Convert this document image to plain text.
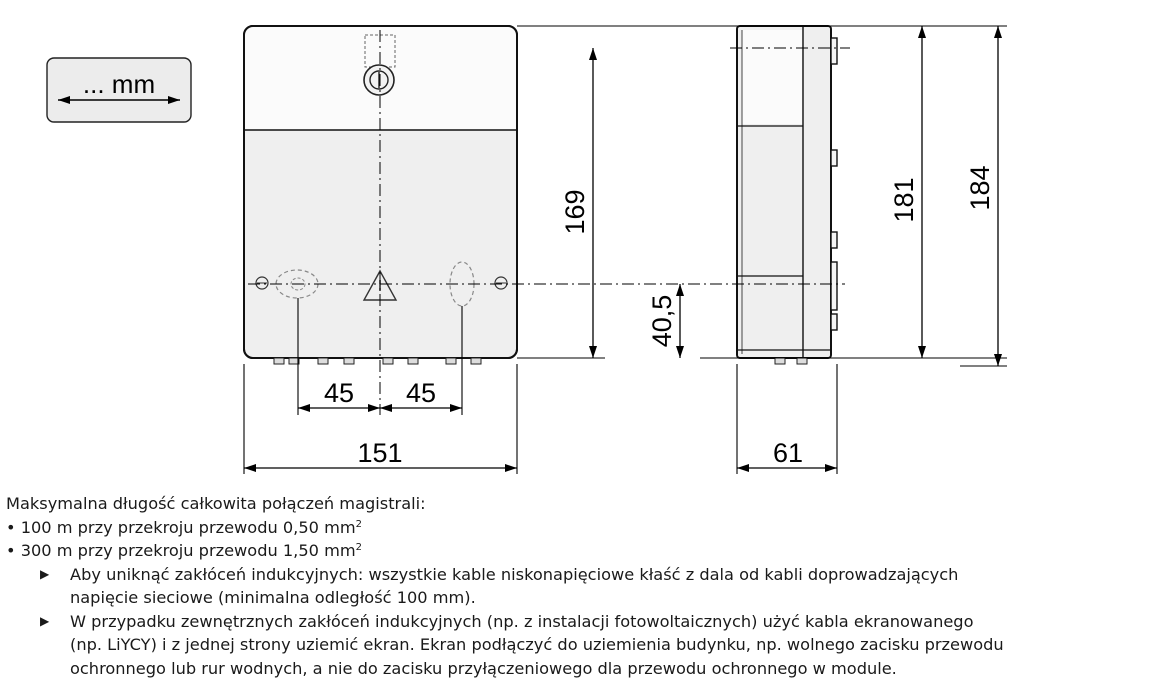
... mm
169
40,5
181 184
45 45
151	61

Maksymalna długość całkowita połączeń magistrali:

• 100 m przy przekroju przewodu 0,50 $mm^2$

• 300 m przy przekroju przewodu 1,50 $mm^2$

▶ Aby uniknąć zakłóceń indukcyjnych: wszystkie kable niskonapięciowe kłaść z dala od kabli doprowadzających

napięcie sieciowe (minimalna odległość 100 mm).

▶ W przypadku zewnętrznych zakłóceń indukcyjnych (np. z instalacji fotowoltaicznych) użyć kabla ekranowanego

(np. LiYCY) i z jednej strony uziemić ekran. Ekran podłączyć do uziemienia budynku, np. wolnego zacisku przewodu

ochronnego lub rur wodnych, a nie do zacisku przyłączeniowego dla przewodu ochronnego w module.
